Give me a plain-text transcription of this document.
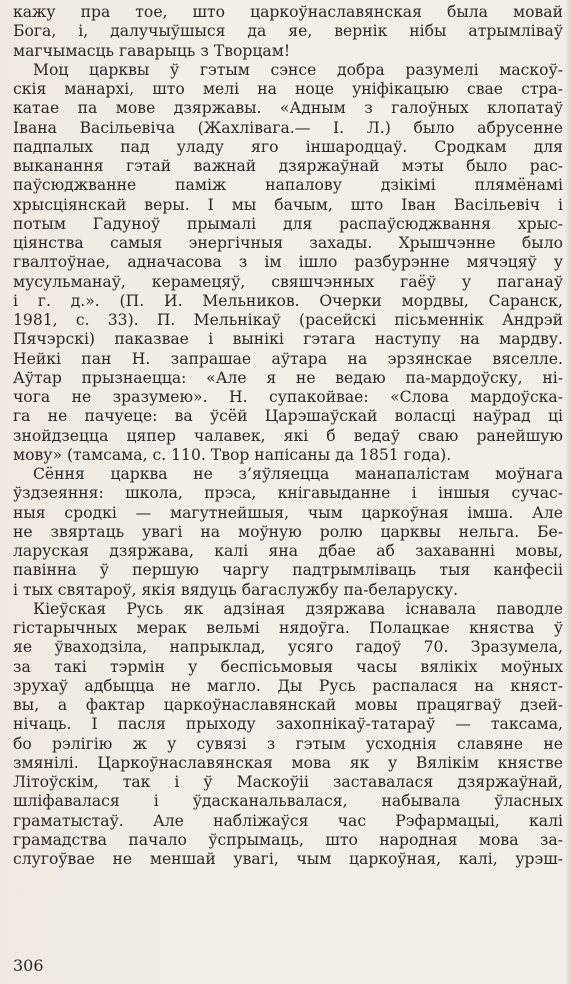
кажу пра тое, што царкоўнаславянская была мовай
Бога, і, далучыўшыся да яе, вернік нібы атрымліваў
магчымасць гаварыць з Творцам!
Моц царквы ў гэтым сэнсе добра разумелі маскоў-
скія манархі, што мелі на ноце уніфікацыю свае стра-
катае па мове дзяржавы. «Адным з галоўных клопатаў
Івана Васільевіча (Жахлівага.— І. Л.) было абрусенне
падпалых пад уладу яго іншародцаў. Сродкам для
выканання гэтай важнай дзяржаўнай мэты было рас-
паўсюджванне паміж напалову дзікімі плямёнамі
хрысціянскай веры. І мы бачым, што Іван Васільевіч і
потым Гадуноў прымалі для распаўсюджвання хрыс-
ціянства самыя энергічныя захады. Хрышчэнне было
гвалтоўнае, адначасова з ім ішло разбурэнне мячэцяў у
мусульманаў, керамецяў, свяшчэнных гаёў у паганаў
і г. д.». (П. И. Мельников. Очерки мордвы, Саранск,
1981, с. 33). П. Мельнікаў (расейскі пісьменнік Андрэй
Пячэрскі) паказвае і вынікі гэтага наступу на мардву.
Нейкі пан Н. запрашае аўтара на эрзянскае вяселле.
Аўтар прызнаецца: «Але я не ведаю па-мардоўску, ні-
чога не зразумею». Н. супакойвае: «Слова мардоўска-
га не пачуеце: ва ўсёй Царэшаўскай воласці наўрад ці
знойдзецца цяпер чалавек, які б ведаў сваю ранейшую
мову» (тамсама, с. 110. Твор напісаны да 1851 года).
Сёння царква не з’яўляецца манапалістам моўнага
ўздзеяння: школа, прэса, кнігавыданне і іншыя сучас-
ныя сродкі — магутнейшыя, чым царкоўная імша. Але
не звяртаць увагі на моўную ролю царквы нельга. Бе-
ларуская дзяржава, калі яна дбае аб захаванні мовы,
павінна ў першую чаргу падтрымліваць тыя канфесіі
і тых святароў, якія вядуць багаслужбу па-беларуску.
Кіеўская Русь як адзіная дзяржава існавала паводле
гістарычных мерак вельмі нядоўга. Полацкае княства ў
яе ўваходзіла, напрыклад, усяго гадоў 70. Зразумела,
за такі тэрмін у беспісьмовыя часы вялікіх моўных
зрухаў адбыцца не магло. Ды Русь распалася на княст-
вы, а фактар царкоўнаславянскай мовы працягваў дзей-
нічаць. І пасля прыходу захопнікаў-татараў — таксама,
бо рэлігію ж у сувязі з гэтым усходнія славяне не
змянілі. Царкоўнаславянская мова як у Вялікім княстве
Літоўскім, так і ў Маскоўіі заставалася дзяржаўнай,
шліфавалася і ўдасканальвалася, набывала ўласных
граматыстаў. Але набліжаўся час Рэфармацыі, калі
грамадства пачало ўспрымаць, што народная мова за-
слугоўвае не меншай увагі, чым царкоўная, калі, урэш-
306
